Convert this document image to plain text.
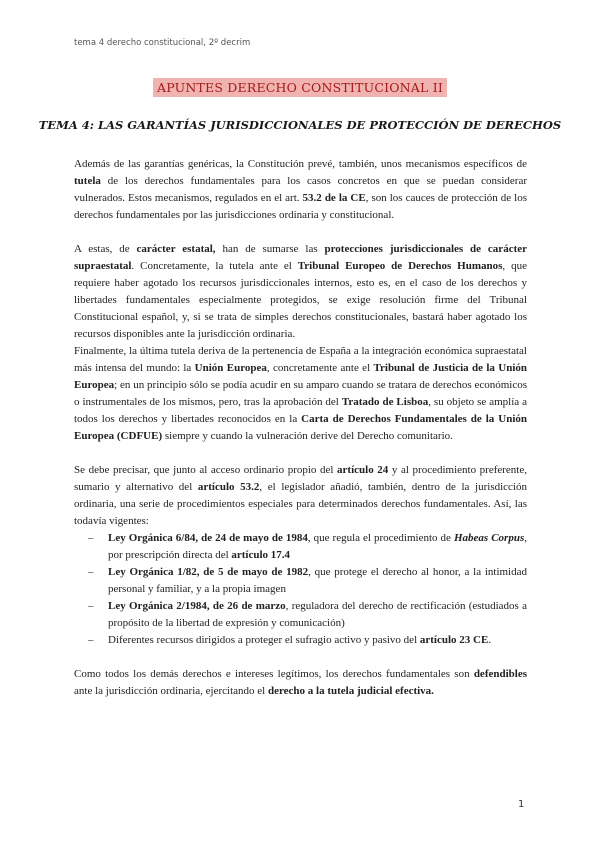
tema 4 derecho constitucional, 2º decrim
APUNTES DERECHO CONSTITUCIONAL II
TEMA 4: LAS GARANTÍAS JURISDICCIONALES DE PROTECCIÓN DE DERECHOS

Además de las garantías genéricas, la Constitución prevé, también, unos mecanismos específicos de tutela de los derechos fundamentales para los casos concretos en que se puedan considerar vulnerados. Estos mecanismos, regulados en el art. 53.2 de la CE, son los cauces de protección de los derechos fundamentales por las jurisdicciones ordinaria y constitucional.

A estas, de carácter estatal, han de sumarse las protecciones jurisdiccionales de carácter supraestatal. Concretamente, la tutela ante el Tribunal Europeo de Derechos Humanos, que requiere haber agotado los recursos jurisdiccionales internos, esto es, en el caso de los derechos y libertades fundamentales especialmente protegidos, se exige resolución firme del Tribunal Constitucional español, y, si se trata de simples derechos constitucionales, bastará haber agotado los recursos disponibles ante la jurisdicción ordinaria.

Finalmente, la última tutela deriva de la pertenencia de España a la integración económica supraestatal más intensa del mundo: la Unión Europea, concretamente ante el Tribunal de Justicia de la Unión Europea; en un principio sólo se podía acudir en su amparo cuando se tratara de derechos económicos o instrumentales de los mismos, pero, tras la aprobación del Tratado de Lisboa, su objeto se amplía a todos los derechos y libertades reconocidos en la Carta de Derechos Fundamentales de la Unión Europea (CDFUE) siempre y cuando la vulneración derive del Derecho comunitario.

Se debe precisar, que junto al acceso ordinario propio del artículo 24 y al procedimiento preferente, sumario y alternativo del artículo 53.2, el legislador añadió, también, dentro de la jurisdicción ordinaria, una serie de procedimientos especiales para determinados derechos fundamentales. Así, las todavía vigentes:

– Ley Orgánica 6/84, de 24 de mayo de 1984, que regula el procedimiento de Habeas Corpus, por prescripción directa del artículo 17.4
– Ley Orgánica 1/82, de 5 de mayo de 1982, que protege el derecho al honor, a la intimidad personal y familiar, y a la propia imagen
– Ley Orgánica 2/1984, de 26 de marzo, reguladora del derecho de rectificación (estudiados a propósito de la libertad de expresión y comunicación)
– Diferentes recursos dirigidos a proteger el sufragio activo y pasivo del artículo 23 CE.

Como todos los demás derechos e intereses legítimos, los derechos fundamentales son defendibles ante la jurisdicción ordinaria, ejercitando el derecho a la tutela judicial efectiva.

1
